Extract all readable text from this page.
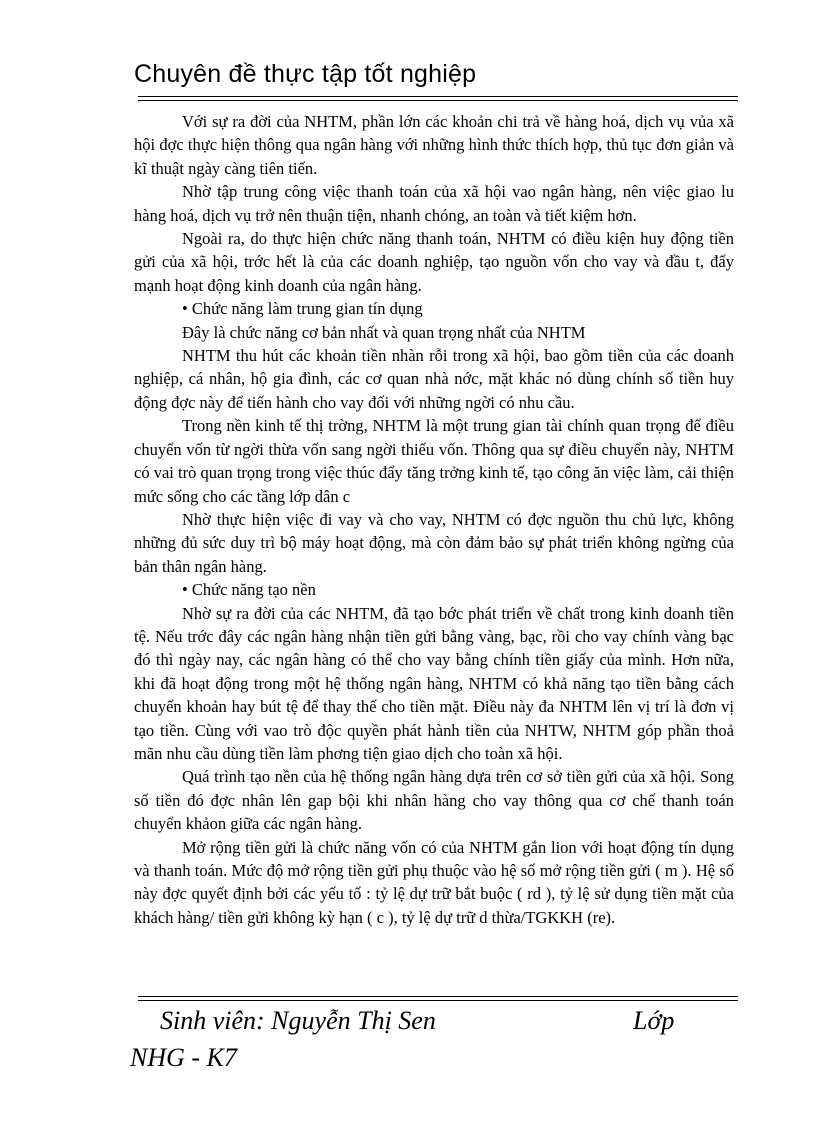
Chuyên đề thực tập tốt nghiệp

Với sự ra đời của NHTM, phần lớn các khoản chi trả về hàng hoá, dịch vụ vủa xã hội đợc thực hiện thông qua ngân hàng với những hình thức thích hợp, thủ tục đơn giản và kĩ thuật ngày càng tiên tiến.

Nhờ tập trung công việc thanh toán của xã hội vao ngân hàng, nên việc giao lu hàng hoá, dịch vụ trở nên thuận tiện, nhanh chóng, an toàn và tiết kiệm hơn.

Ngoài ra, do thực hiện chức năng thanh toán, NHTM có điều kiện huy động tiền gửi của xã hội, trớc hết là của các doanh nghiệp, tạo nguồn vốn cho vay và đầu t, đẩy mạnh hoạt động kinh doanh của ngân hàng.

• Chức năng làm trung gian tín dụng

Đây là chức năng cơ bản nhất và quan trọng nhất của NHTM

NHTM thu hút các khoản tiền nhàn rỗi trong xã hội, bao gồm tiền của các doanh nghiệp, cá nhân, hộ gia đình, các cơ quan nhà nớc, mặt khác nó dùng chính số tiền huy động đợc này để tiến hành cho vay đối với những ngời có nhu cầu.

Trong nền kinh tế thị trờng, NHTM là một trung gian tài chính quan trọng để điều chuyển vốn từ ngời thừa vốn sang ngời thiếu vốn. Thông qua sự điều chuyển này, NHTM có vai trò quan trọng trong việc thúc đẩy tăng trởng kinh tế, tạo công ăn việc làm, cải thiện mức sống cho các tầng lớp dân c

Nhờ thực hiện việc đi vay và cho vay, NHTM có đợc nguồn thu chủ lực, không những đủ sức duy trì bộ máy hoạt động, mà còn đảm bảo sự phát triển không ngừng của bản thân ngân hàng.

• Chức năng tạo nền

Nhờ sự ra đời của các NHTM, đã tạo bớc phát triển về chất trong kinh doanh tiền tệ. Nếu trớc đây các ngân hàng nhận tiền gửi bằng vàng, bạc, rồi cho vay chính vàng bạc đó thì ngày nay, các ngân hàng có thể cho vay bằng chính tiền giấy của mình. Hơn nữa, khi đã hoạt động trong một hệ thống ngân hàng, NHTM có khả năng tạo tiền bằng cách chuyển khoản hay bút tệ để thay thế cho tiền mặt. Điều này đa NHTM lên vị trí là đơn vị tạo tiền. Cùng với vao trò độc quyền phát hành tiền của NHTW, NHTM góp phần thoả mãn nhu cầu dùng tiền làm phơng tiện giao dịch cho toàn xã hội.

Quá trình tạo nền của hệ thống ngân hàng dựa trên cơ sở tiền gửi của xã hội. Song số tiền đó đợc nhân lên gap bội khi nhân hàng cho vay thông qua cơ chế thanh toán chuyển khảon giữa các ngân hàng.

Mở rộng tiền gửi là chức năng vốn có của NHTM gắn lion với hoạt động tín dụng và thanh toán. Mức độ mở rộng tiền gửi phụ thuộc vào hệ số mở rộng tiền gửi ( m ). Hệ số này đợc quyết định bởi các yếu tố : tỷ lệ dự trữ bắt buộc ( rd ), tỷ lệ sử dụng tiền mặt của khách hàng/ tiền gửi không kỳ hạn ( c ), tỷ lệ dự trữ d thừa/TGKKH (re).

Sinh viên: Nguyễn Thị Sen	Lớp
NHG - K7
